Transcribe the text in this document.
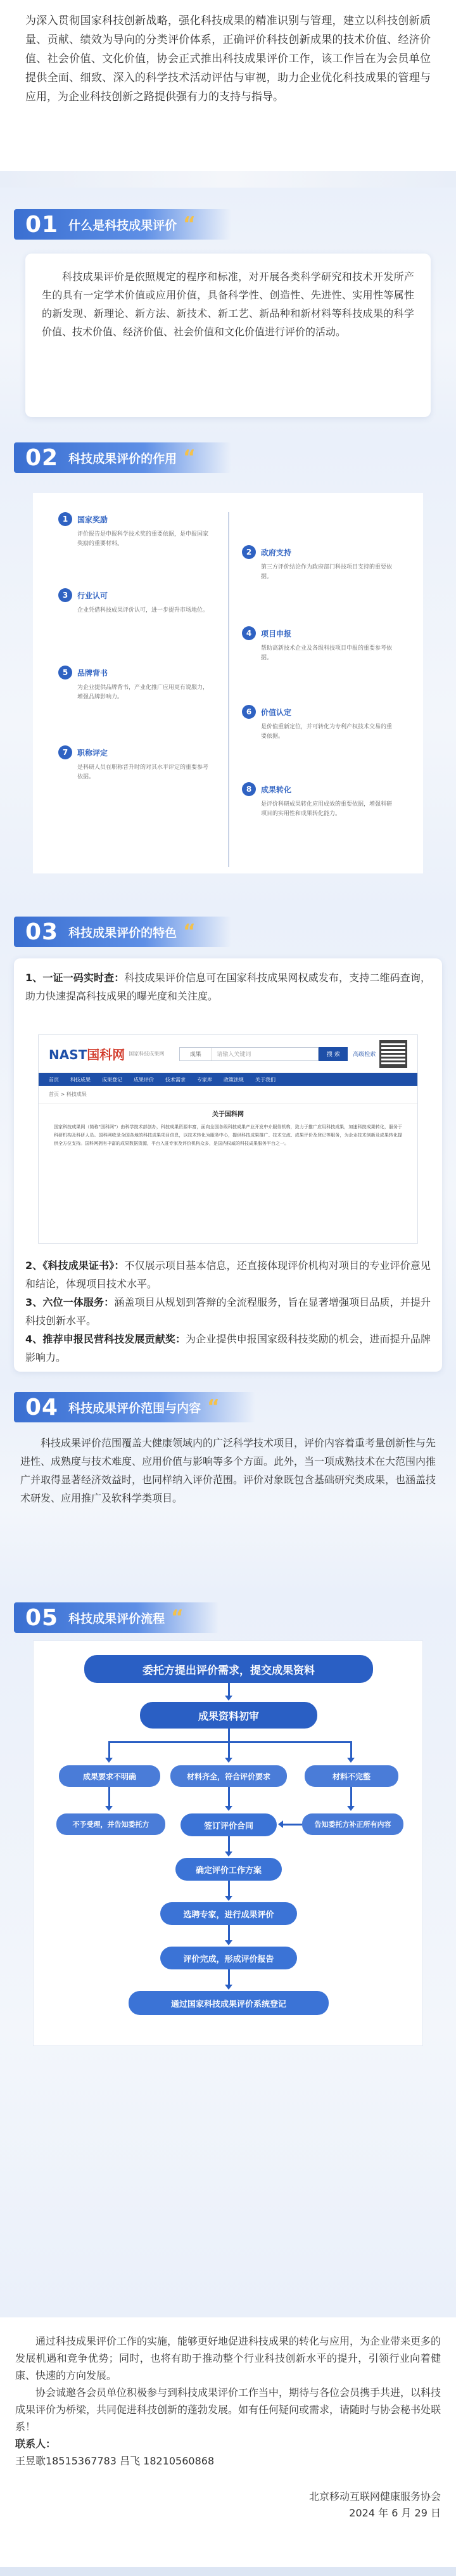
为深入贯彻国家科技创新战略，强化科技成果的精准识别与管理，建立以科技创新质量、贡献、绩效为导向的分类评价体系，正确评价科技创新成果的技术价值、经济价值、社会价值、文化价值，协会正式推出科技成果评价工作，该工作旨在为会员单位提供全面、细致、深入的科学技术活动评估与审视，助力企业优化科技成果的管理与应用，为企业科技创新之路提供强有力的支持与指导。

01 什么是科技成果评价 “

科技成果评价是依照规定的程序和标准，对开展各类科学研究和技术开发所产生的具有一定学术价值或应用价值，具备科学性、创造性、先进性、实用性等属性的新发现、新理论、新方法、新技术、新工艺、新品种和新材料等科技成果的科学价值、技术价值、经济价值、社会价值和文化价值进行评价的活动。

02 科技成果评价的作用 “
1	国家奖励
评价报告是申报科学技术奖的重要依据，是申报国家奖励的重要材料。
2	政府支持
第三方评价结论作为政府部门科技项目支持的重要依据。
3	行业认可
企业凭借科技成果评价认可，进一步提升市场地位。
4	项目申报
帮助高新技术企业及各级科技项目申报的重要参考依据。
5	品牌背书
为企业提供品牌背书，产业化推广应用更有说服力，增强品牌影响力。
6	价值认定
是价值重新定位，并可转化为专利产权技术交易的重要依据。
7	职称评定
是科研人员在职称晋升时的对其水平评定的重要参考依据。
8	成果转化
是评价科研成果转化应用成效的重要依据，增强科研项目的实用性和成果转化能力。
03 科技成果评价的特色 “

1、一证一码实时查：科技成果评价信息可在国家科技成果网权威发布，支持二维码查询，助力快速提高科技成果的曝光度和关注度。

NAST国科网 国家科技成果网	成果	请输入关键词	搜 索	高级检索
首页 科技成果 成果登记 成果评价 技术需求 专家库 政策法规 关于我们
首页 > 科技成果
关于国科网

国家科技成果网（简称"国科网"）由科学技术部创办，科技成果资源丰富，面向全国各级科技成果产业开发中介服务机构，致力于推广应用科技成果，加速科技成果转化，服务于科研机构及科研人员。国科网收录全国各地的科技成果项目信息，以技术转化为服务中心，提供科技成果推广、技术交流、成果评价及登记等服务，为企业技术创新及成果转化提供全方位支持。国科网拥有丰富的成果数据资源，平台入驻专家及评价机构众多，是国内权威的科技成果服务平台之一。

2、《科技成果证书》：不仅展示项目基本信息，还直接体现评价机构对项目的专业评价意见和结论，体现项目技术水平。

3、六位一体服务：涵盖项目从规划到答辩的全流程服务，旨在显著增强项目品质，并提升科技创新水平。

4、推荐申报民营科技发展贡献奖：为企业提供申报国家级科技奖励的机会，进而提升品牌影响力。

04 科技成果评价范围与内容 “

科技成果评价范围覆盖大健康领域内的广泛科学技术项目，评价内容着重考量创新性与先进性、成熟度与技术难度、应用价值与影响等多个方面。此外，当一项成熟技术在大范围内推广并取得显著经济效益时，也同样纳入评价范围。评价对象既包含基础研究类成果，也涵盖技术研发、应用推广及软科学类项目。

05 科技成果评价流程 “
委托方提出评价需求，提交成果资料
成果资料初审
成果要求不明确	材料齐全，符合评价要求	材料不完整
不予受理，并告知委托方	签订评价合同	告知委托方补正所有内容
确定评价工作方案
选聘专家，进行成果评价
评价完成，形成评价报告
通过国家科技成果评价系统登记

通过科技成果评价工作的实施，能够更好地促进科技成果的转化与应用，为企业带来更多的发展机遇和竞争优势；同时，也将有助于推动整个行业科技创新水平的提升，引领行业向着健康、快速的方向发展。

协会诚邀各会员单位积极参与到科技成果评价工作当中，期待与各位会员携手共进，以科技成果评价为桥梁，共同促进科技创新的蓬勃发展。如有任何疑问或需求，请随时与协会秘书处联系！

联系人：

王昱歌18515367783 吕飞 18210560868

北京移动互联网健康服务协会
2024 年 6 月 29 日
